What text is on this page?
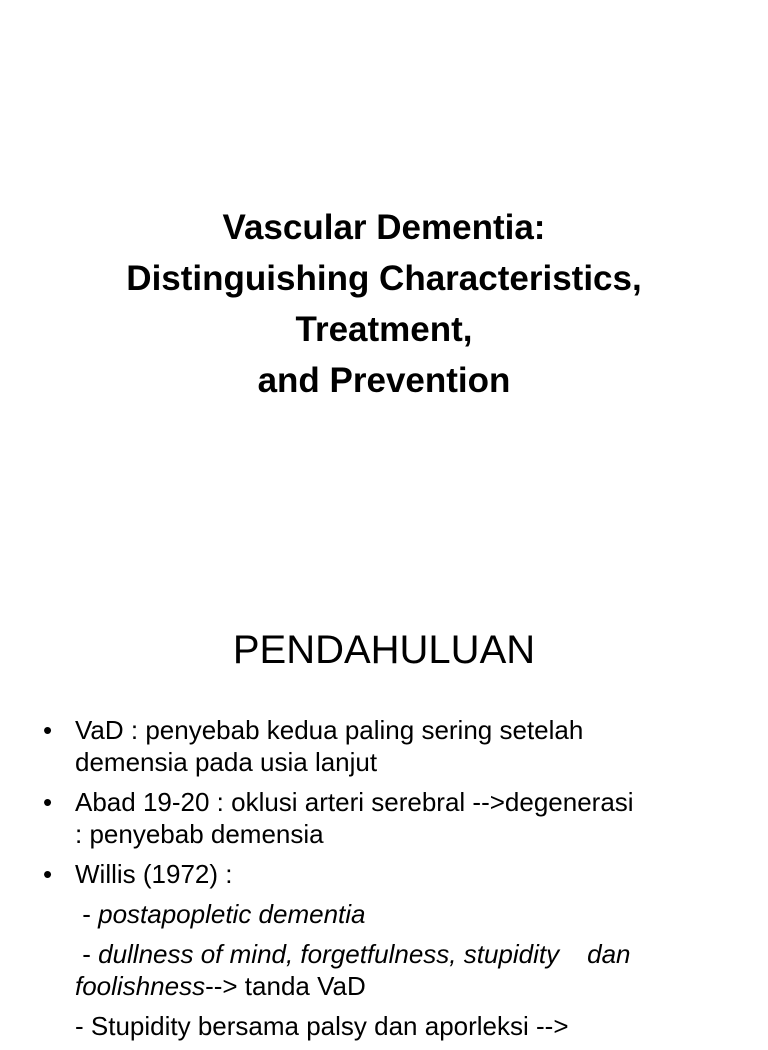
Vascular Dementia:
Distinguishing Characteristics,
Treatment,
and Prevention
PENDAHULUAN
• VaD : penyebab kedua paling sering setelah
demensia pada usia lanjut
• Abad 19-20 : oklusi arteri serebral -->degenerasi
: penyebab demensia
• Willis (1972) :
- postapopletic dementia
- dullness of mind, forgetfulness, stupidity dan
foolishness--> tanda VaD
- Stupidity bersama palsy dan aporleksi -->
